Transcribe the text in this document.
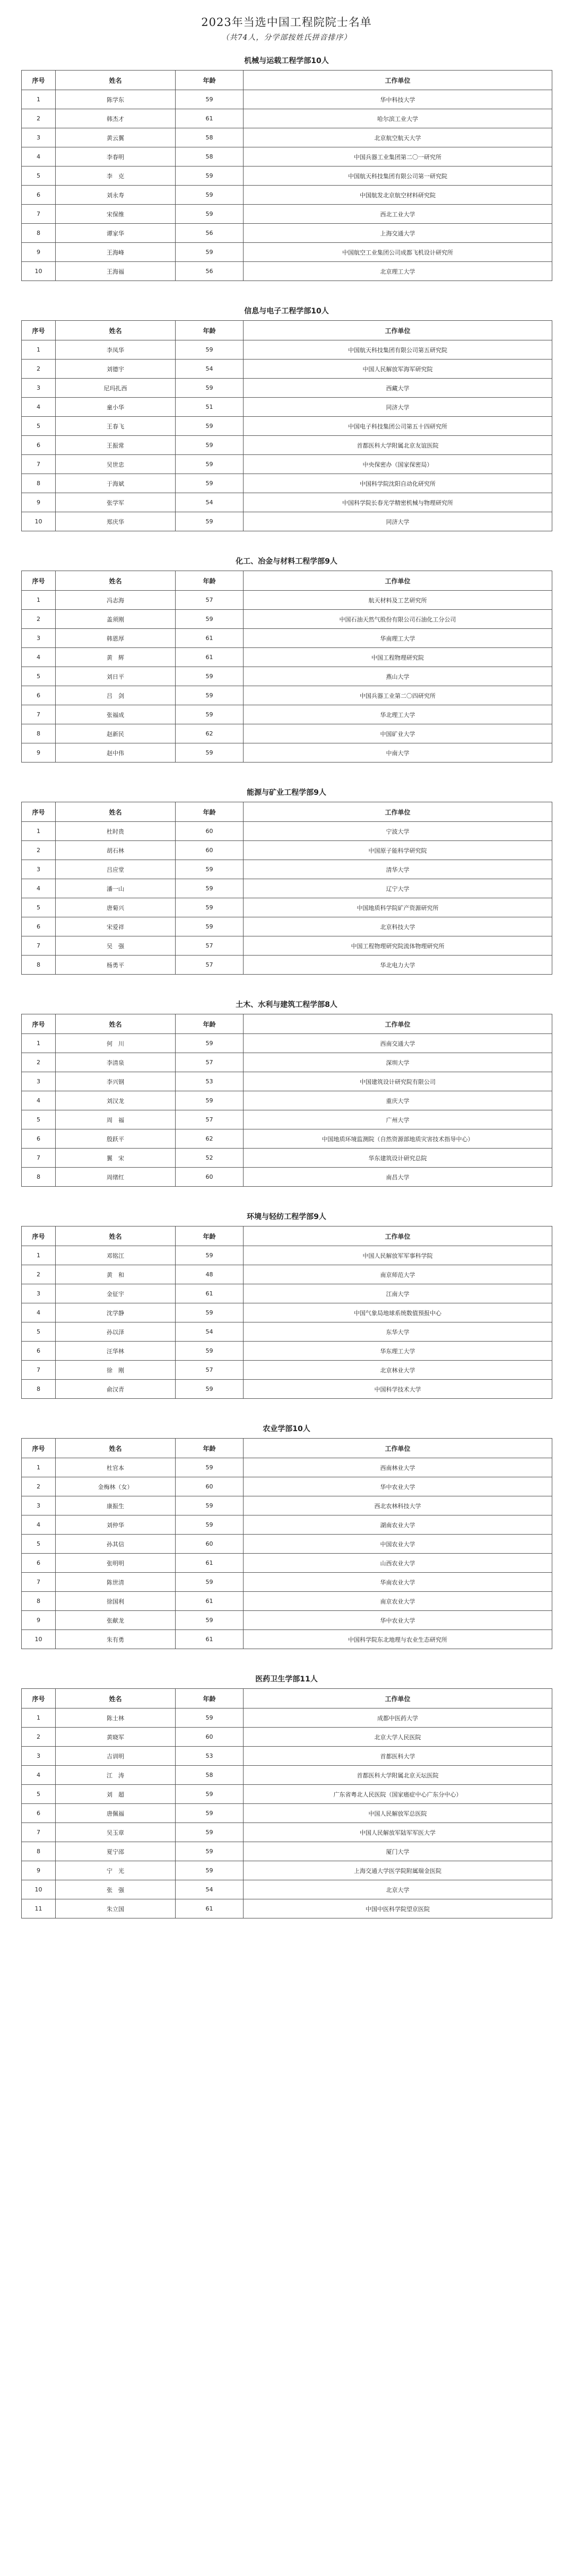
2023年当选中国工程院院士名单
（共74人，分学部按姓氏拼音排序）
机械与运载工程学部10人
序号	姓名	年龄	工作单位
1	陈学东	59	华中科技大学
2	韩杰才	61	哈尔滨工业大学
3	黄云翼	58	北京航空航天大学
4	李春明	58	中国兵器工业集团第二〇一研究所
5	李　克	59	中国航天科技集团有限公司第一研究院
6	刘永寿	59	中国航发北京航空材料研究院
7	宋保维	59	西北工业大学
8	谭家华	56	上海交通大学
9	王海峰	59	中国航空工业集团公司成都飞机设计研究所
10	王海福	56	北京理工大学
信息与电子工程学部10人
序号	姓名	年龄	工作单位
1	李凤华	59	中国航天科技集团有限公司第五研究院
2	刘德宇	54	中国人民解放军海军研究院
3	尼玛扎西	59	西藏大学
4	童小华	51	同济大学
5	王春飞	59	中国电子科技集团公司第五十四研究所
6	王振常	59	首都医科大学附属北京友谊医院
7	吴世忠	59	中央保密办（国家保密局）
8	于海斌	59	中国科学院沈阳自动化研究所
9	张学军	54	中国科学院长春光学精密机械与物理研究所
10	郑庆华	59	同济大学
化工、冶金与材料工程学部9人
序号	姓名	年龄	工作单位
1	冯志海	57	航天材料及工艺研究所
2	盖须刚	59	中国石油天然气股份有限公司石油化工分公司
3	韩恩厚	61	华南理工大学
4	黄　辉	61	中国工程物理研究院
5	刘日平	59	燕山大学
6	吕　剑	59	中国兵器工业第二〇四研究所
7	张福成	59	华北理工大学
8	赵新民	62	中国矿业大学
9	赵中伟	59	中南大学
能源与矿业工程学部9人
序号	姓名	年龄	工作单位
1	杜时贵	60	宁波大学
2	胡石林	60	中国原子能科学研究院
3	吕应堂	59	清华大学
4	潘一山	59	辽宁大学
5	唐菊兴	59	中国地质科学院矿产资源研究所
6	宋爱祥	59	北京科技大学
7	吴　强	57	中国工程物理研究院流体物理研究所
8	杨勇平	57	华北电力大学
土木、水利与建筑工程学部8人
序号	姓名	年龄	工作单位
1	何　川	59	西南交通大学
2	李清泉	57	深圳大学
3	李兴钢	53	中国建筑设计研究院有限公司
4	刘汉龙	59	重庆大学
5	周　福	57	广州大学
6	殷跃平	62	中国地质环境监测院（自然资源部地质灾害技术指导中心）
7	翼　宋	52	华东建筑设计研究总院
8	周绪红	60	南昌大学
环境与轻纺工程学部9人
序号	姓名	年龄	工作单位
1	邓铭江	59	中国人民解放军军事科学院
2	黄　和	48	南京师范大学
3	金征宇	61	江南大学
4	沈学静	59	中国气象局地球系统数值预报中心
5	孙以泽	54	东华大学
6	汪华林	59	华东理工大学
7	徐　刚	57	北京林业大学
8	俞汉青	59	中国科学技术大学
农业学部10人
序号	姓名	年龄	工作单位
1	杜官本	59	西南林业大学
2	金梅林（女）	60	华中农业大学
3	康振生	59	西北农林科技大学
4	刘仲华	59	湖南农业大学
5	孙其信	60	中国农业大学
6	张明明	61	山西农业大学
7	陈世清	59	华南农业大学
8	徐国利	61	南京农业大学
9	张献龙	59	华中农业大学
10	朱有勇	61	中国科学院东北地理与农业生态研究所
医药卫生学部11人
序号	姓名	年龄	工作单位
1	陈士林	59	成都中医药大学
2	黄晓军	60	北京大学人民医院
3	吉训明	53	首都医科大学
4	江　涛	58	首都医科大学附属北京天坛医院
5	刘　超	59	广东省粤北人民医院（国家癌症中心广东分中心）
6	唐佩福	59	中国人民解放军总医院
7	吴玉章	59	中国人民解放军陆军军医大学
8	夏宁邵	59	厦门大学
9	宁　光	59	上海交通大学医学院附属瑞金医院
10	张　强	54	北京大学
11	朱立国	61	中国中医科学院望京医院
